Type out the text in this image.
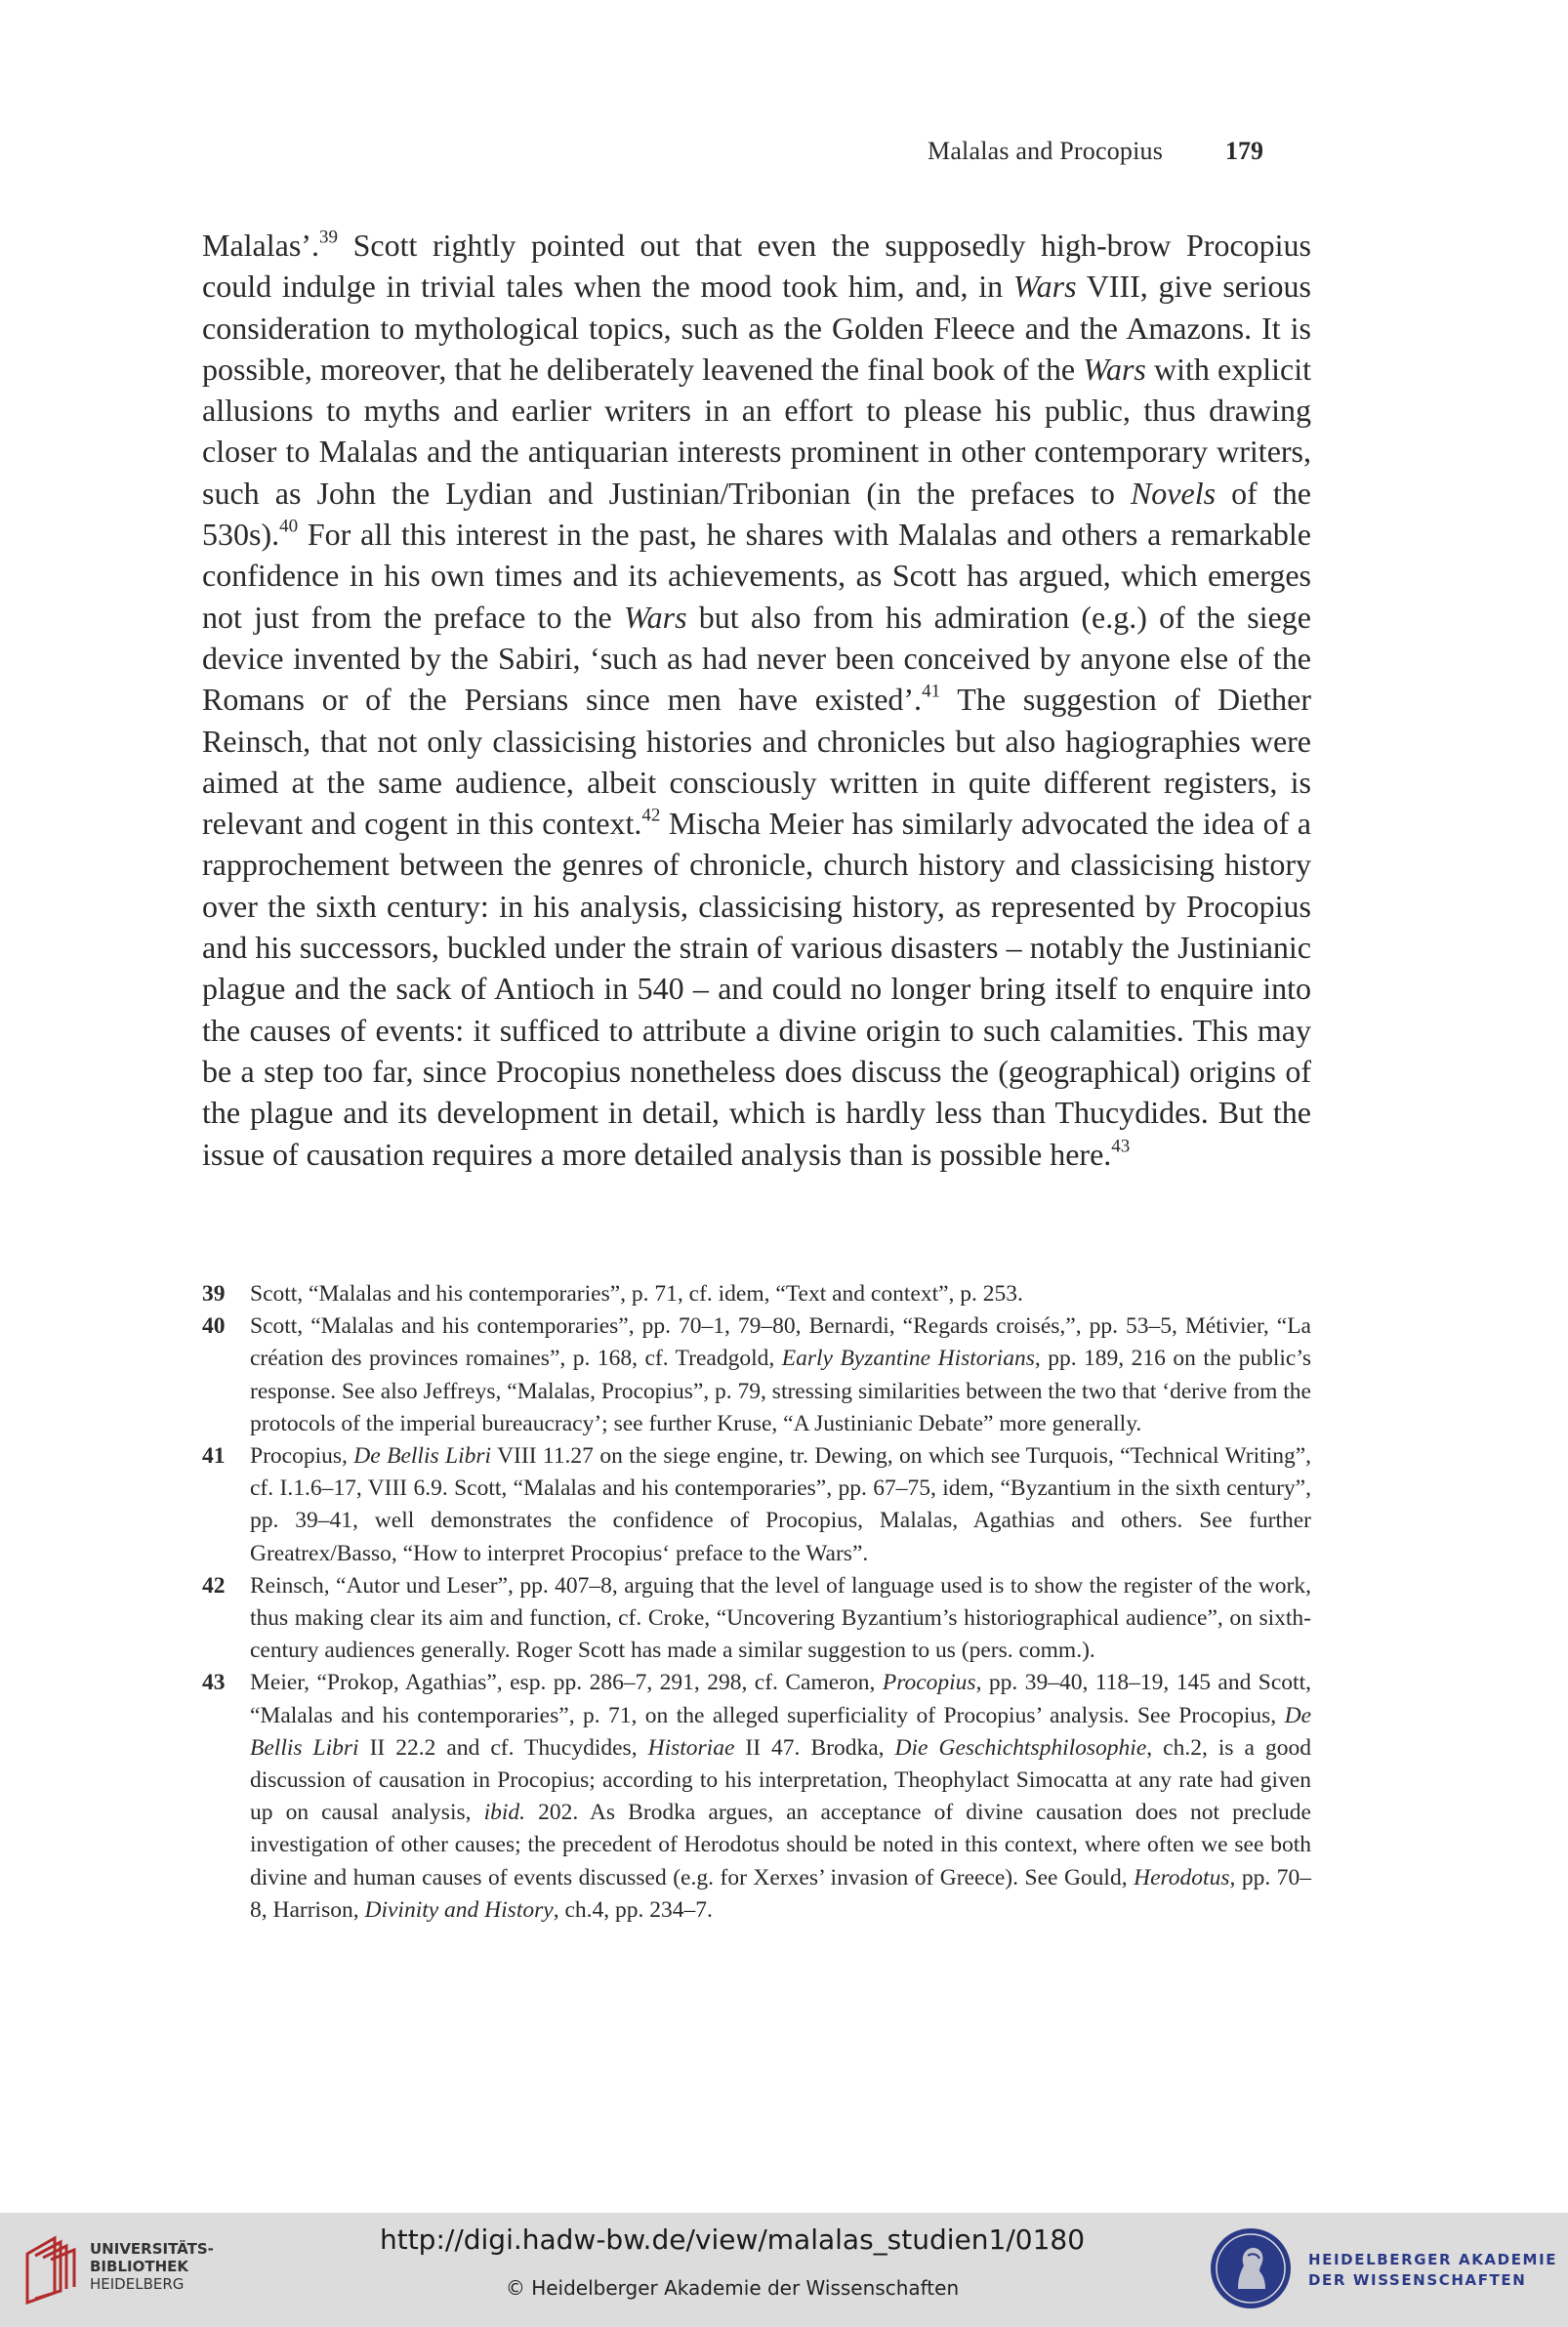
Malalas and Procopius 179

Malalas’.$^{39}$ Scott rightly pointed out that even the supposedly high-brow Procopius could indulge in trivial tales when the mood took him, and, in Wars VIII, give serious consideration to mythological topics, such as the Golden Fleece and the Amazons. It is possible, moreover, that he deliberately leavened the final book of the Wars with explicit allusions to myths and earlier writers in an effort to please his public, thus drawing closer to Malalas and the antiquarian interests prominent in other contemporary writers, such as John the Lydian and Justinian/Tribonian (in the prefaces to Novels of the 530s).$^{40}$ For all this interest in the past, he shares with Malalas and others a remarkable confidence in his own times and its achievements, as Scott has argued, which emerges not just from the preface to the Wars but also from his admiration (e.g.) of the siege device invented by the Sabiri, ‘such as had never been conceived by anyone else of the Romans or of the Persians since men have existed’.$^{41}$ The suggestion of Diether Reinsch, that not only classicising histories and chronicles but also hagiographies were aimed at the same audience, albeit consciously written in quite different registers, is relevant and cogent in this context.$^{42}$ Mischa Meier has similarly advocated the idea of a rapprochement between the genres of chronicle, church history and classicising history over the sixth century: in his analysis, classicising history, as represented by Procopius and his successors, buckled under the strain of various disasters – notably the Justinianic plague and the sack of Antioch in 540 – and could no longer bring itself to enquire into the causes of events: it sufficed to attribute a divine origin to such calamities. This may be a step too far, since Procopius nonetheless does discuss the (geographical) origins of the plague and its development in detail, which is hardly less than Thucydides. But the issue of causation requires a more detailed analysis than is possible here.$^{43}$

39 Scott, “Malalas and his contemporaries”, p. 71, cf. idem, “Text and context”, p. 253.
40 Scott, “Malalas and his contemporaries”, pp. 70–1, 79–80, Bernardi, “Regards croisés,”, pp. 53–5, Métivier, “La création des provinces romaines”, p. 168, cf. Treadgold, Early Byzantine Historians, pp. 189, 216 on the public’s response. See also Jeffreys, “Malalas, Procopius”, p. 79, stressing similarities between the two that ‘derive from the protocols of the imperial bureaucracy’; see further Kruse, “A Justinianic Debate” more generally.
41 Procopius, De Bellis Libri VIII 11.27 on the siege engine, tr. Dewing, on which see Turquois, “Technical Writing”, cf. I.1.6–17, VIII 6.9. Scott, “Malalas and his contemporaries”, pp. 67–75, idem, “Byzantium in the sixth century”, pp. 39–41, well demonstrates the confidence of Procopius, Malalas, Agathias and others. See further Greatrex/Basso, “How to interpret Procopius‘ preface to the Wars”.
42 Reinsch, “Autor und Leser”, pp. 407–8, arguing that the level of language used is to show the register of the work, thus making clear its aim and function, cf. Croke, “Uncovering Byzantium’s historiographical audience”, on sixth-century audiences generally. Roger Scott has made a similar suggestion to us (pers. comm.).
43 Meier, “Prokop, Agathias”, esp. pp. 286–7, 291, 298, cf. Cameron, Procopius, pp. 39–40, 118–19, 145 and Scott, “Malalas and his contemporaries”, p. 71, on the alleged superficiality of Procopius’ analysis. See Procopius, De Bellis Libri II 22.2 and cf. Thucydides, Historiae II 47. Brodka, Die Geschichtsphilosophie, ch.2, is a good discussion of causation in Procopius; according to his interpretation, Theophylact Simocatta at any rate had given up on causal analysis, ibid. 202. As Brodka argues, an acceptance of divine causation does not preclude investigation of other causes; the precedent of Herodotus should be noted in this context, where often we see both divine and human causes of events discussed (e.g. for Xerxes’ invasion of Greece). See Gould, Herodotus, pp. 70–8, Harrison, Divinity and History, ch.4, pp. 234–7.
UNIVERSITÄTS-
BIBLIOTHEK
HEIDELBERG
http://digi.hadw-bw.de/view/malalas_studien1/0180
© Heidelberger Akademie der Wissenschaften
HEIDELBERGER AKADEMIE
DER WISSENSCHAFTEN
